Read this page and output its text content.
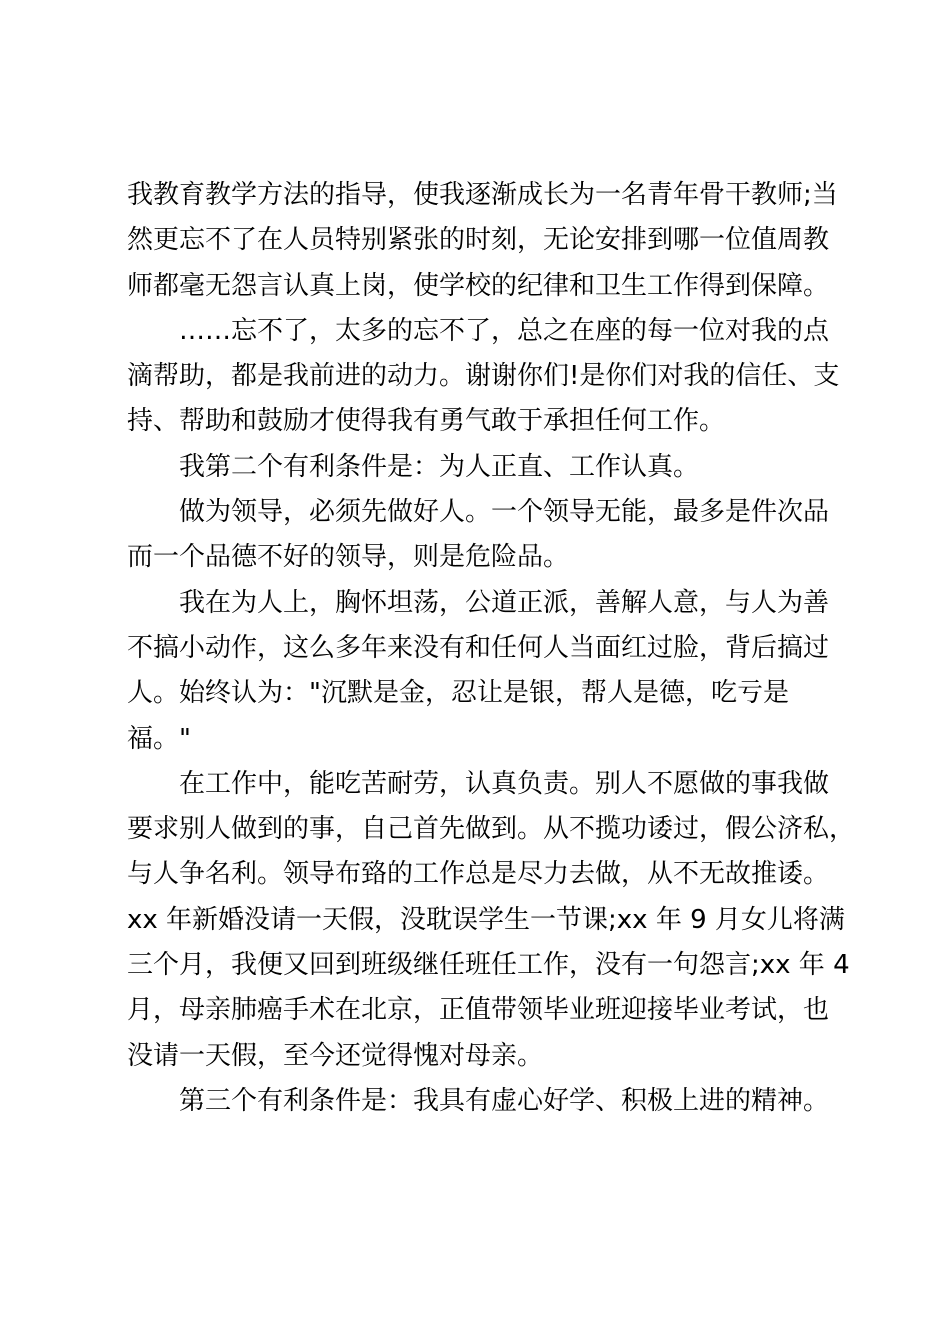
我教育教学方法的指导，使我逐渐成长为一名青年骨干教师;当
然更忘不了在人员特别紧张的时刻，无论安排到哪一位值周教
师都毫无怨言认真上岗，使学校的纪律和卫生工作得到保障。
……忘不了，太多的忘不了，总之在座的每一位对我的点
滴帮助，都是我前进的动力。谢谢你们!是你们对我的信任、支
持、帮助和鼓励才使得我有勇气敢于承担任何工作。
我第二个有利条件是：为人正直、工作认真。
做为领导，必须先做好人。一个领导无能，最多是件次品
而一个品德不好的领导，则是危险品。
我在为人上，胸怀坦荡，公道正派，善解人意，与人为善
不搞小动作，这么多年来没有和任何人当面红过脸，背后搞过
人。始终认为："沉默是金，忍让是银，帮人是德，吃亏是
福。"
在工作中，能吃苦耐劳，认真负责。别人不愿做的事我做
要求别人做到的事，自己首先做到。从不揽功诿过，假公济私，
与人争名利。领导布臵的工作总是尽力去做，从不无故推诿。
xx 年新婚没请一天假，没耽误学生一节课;xx 年 9 月女儿将满
三个月，我便又回到班级继任班任工作，没有一句怨言;xx 年 4
月，母亲肺癌手术在北京，正值带领毕业班迎接毕业考试，也
没请一天假，至今还觉得愧对母亲。
第三个有利条件是：我具有虚心好学、积极上进的精神。
